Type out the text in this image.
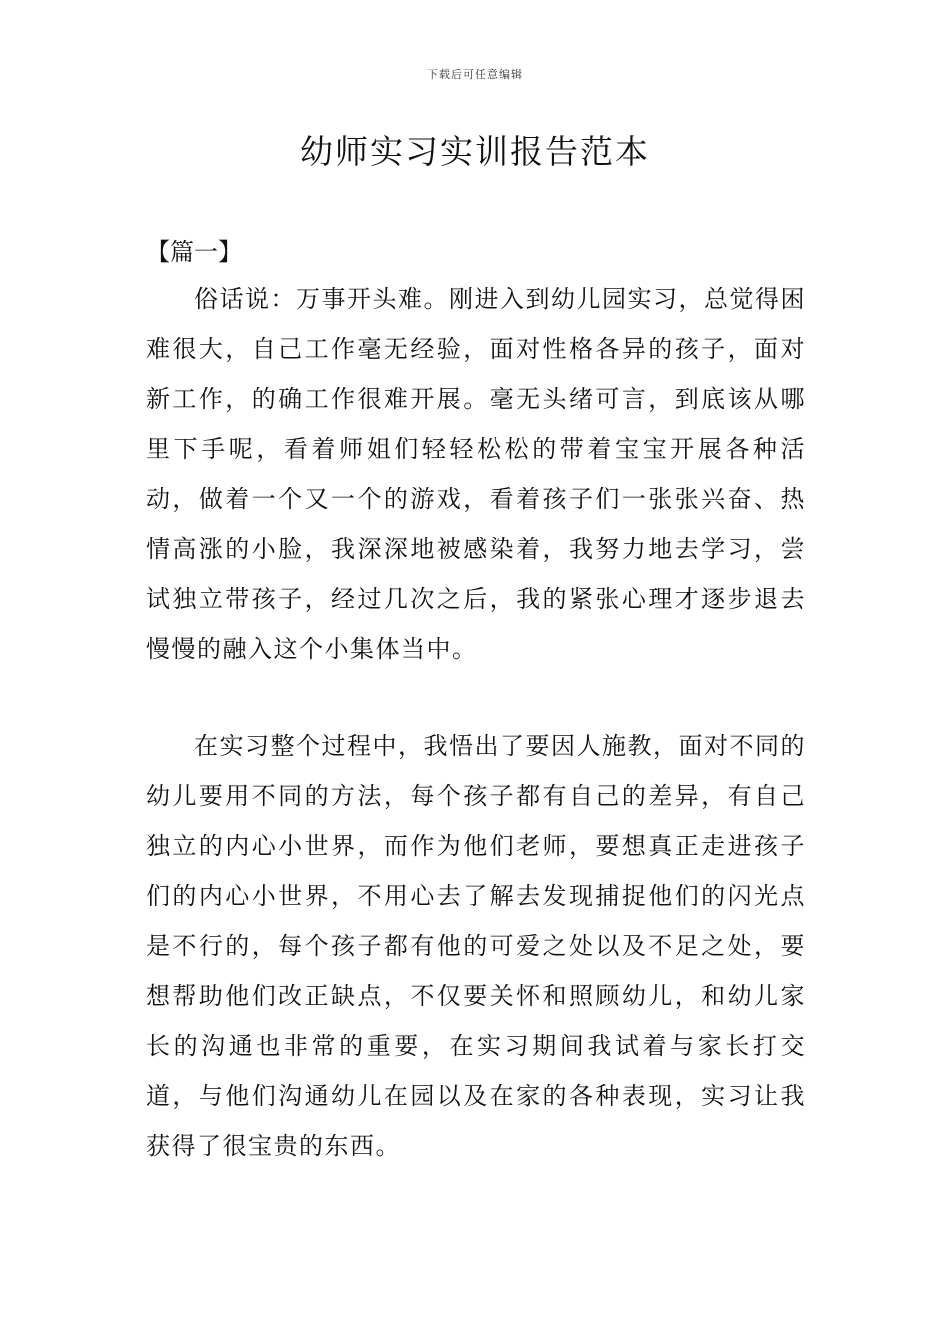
下载后可任意编辑
幼师实习实训报告范本

【篇一】

俗话说：万事开头难。刚进入到幼儿园实习，总觉得困难很大，自己工作毫无经验，面对性格各异的孩子，面对新工作，的确工作很难开展。毫无头绪可言，到底该从哪里下手呢，看着师姐们轻轻松松的带着宝宝开展各种活动，做着一个又一个的游戏，看着孩子们一张张兴奋、热情高涨的小脸，我深深地被感染着，我努力地去学习，尝试独立带孩子，经过几次之后，我的紧张心理才逐步退去慢慢的融入这个小集体当中。

在实习整个过程中，我悟出了要因人施教，面对不同的幼儿要用不同的方法，每个孩子都有自己的差异，有自己独立的内心小世界，而作为他们老师，要想真正走进孩子们的内心小世界，不用心去了解去发现捕捉他们的闪光点是不行的，每个孩子都有他的可爱之处以及不足之处，要想帮助他们改正缺点，不仅要关怀和照顾幼儿，和幼儿家长的沟通也非常的重要，在实习期间我试着与家长打交道，与他们沟通幼儿在园以及在家的各种表现，实习让我获得了很宝贵的东西。
